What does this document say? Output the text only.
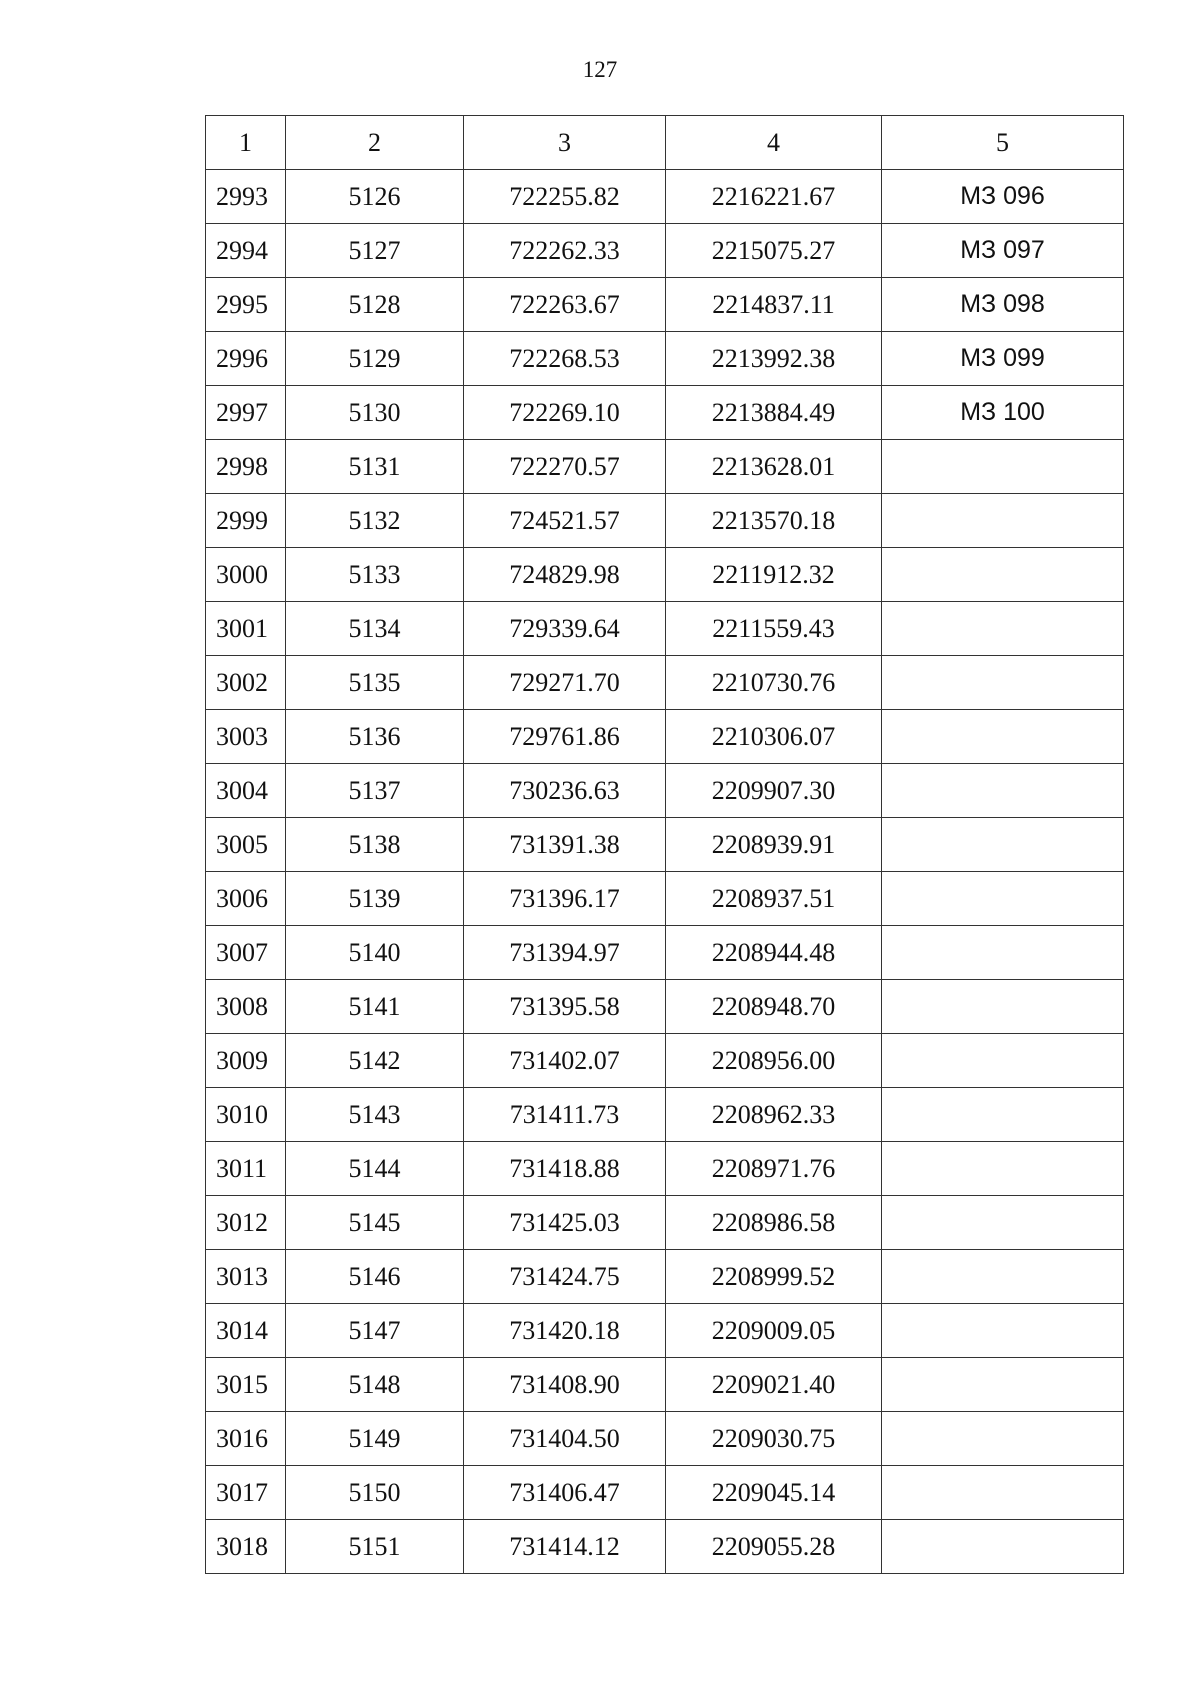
127
1	2	3	4	5
2993	5126	722255.82	2216221.67	МЗ 096
2994	5127	722262.33	2215075.27	МЗ 097
2995	5128	722263.67	2214837.11	МЗ 098
2996	5129	722268.53	2213992.38	МЗ 099
2997	5130	722269.10	2213884.49	МЗ 100
2998	5131	722270.57	2213628.01	
2999	5132	724521.57	2213570.18	
3000	5133	724829.98	2211912.32	
3001	5134	729339.64	2211559.43	
3002	5135	729271.70	2210730.76	
3003	5136	729761.86	2210306.07	
3004	5137	730236.63	2209907.30	
3005	5138	731391.38	2208939.91	
3006	5139	731396.17	2208937.51	
3007	5140	731394.97	2208944.48	
3008	5141	731395.58	2208948.70	
3009	5142	731402.07	2208956.00	
3010	5143	731411.73	2208962.33	
3011	5144	731418.88	2208971.76	
3012	5145	731425.03	2208986.58	
3013	5146	731424.75	2208999.52	
3014	5147	731420.18	2209009.05	
3015	5148	731408.90	2209021.40	
3016	5149	731404.50	2209030.75	
3017	5150	731406.47	2209045.14	
3018	5151	731414.12	2209055.28	
